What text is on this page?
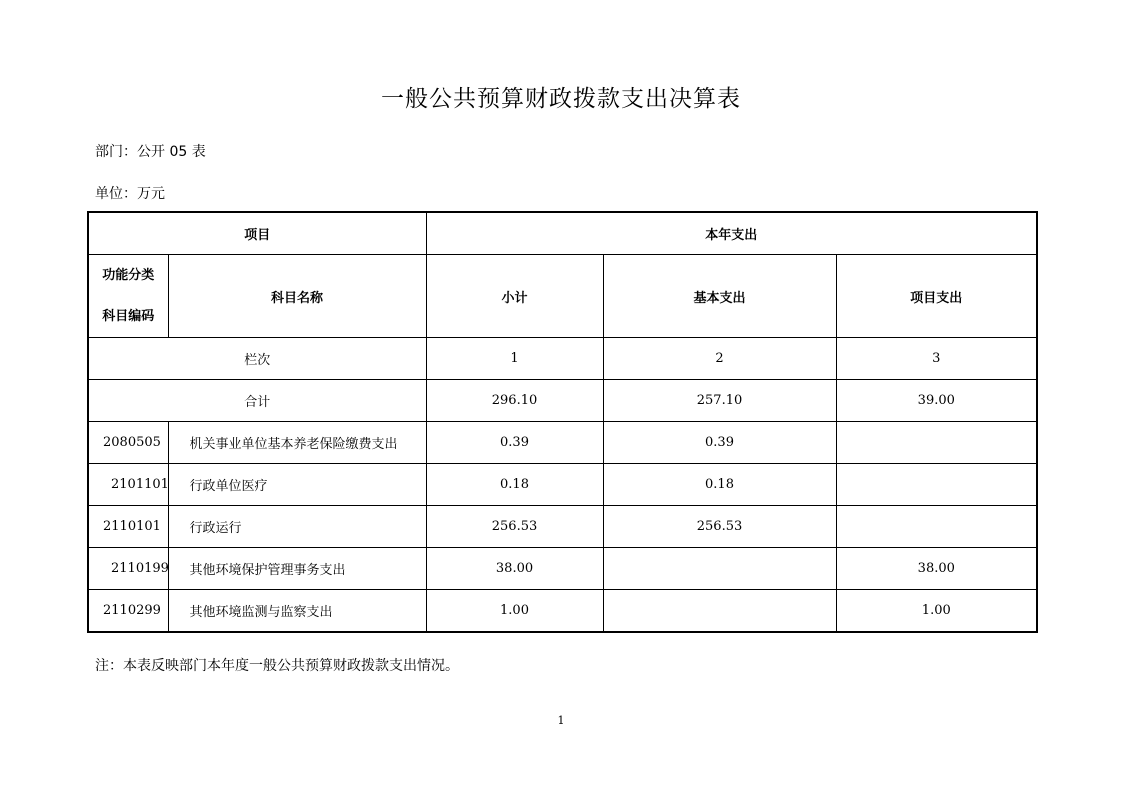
一般公共预算财政拨款支出决算表
部门：公开 05 表
单位：万元
项目		本年支出		

功能分类
科目编码	科目名称	小计	基本支出	项目支出
栏次		1	2	3
合计		296.10	257.10	39.00
2080505	机关事业单位基本养老保险缴费支出	0.39	0.39	
2101101	行政单位医疗	0.18	0.18	
2110101	行政运行	256.53	256.53	
2110199	其他环境保护管理事务支出	38.00		38.00
2110299	其他环境监测与监察支出	1.00		1.00
注：本表反映部门本年度一般公共预算财政拨款支出情况。
1
